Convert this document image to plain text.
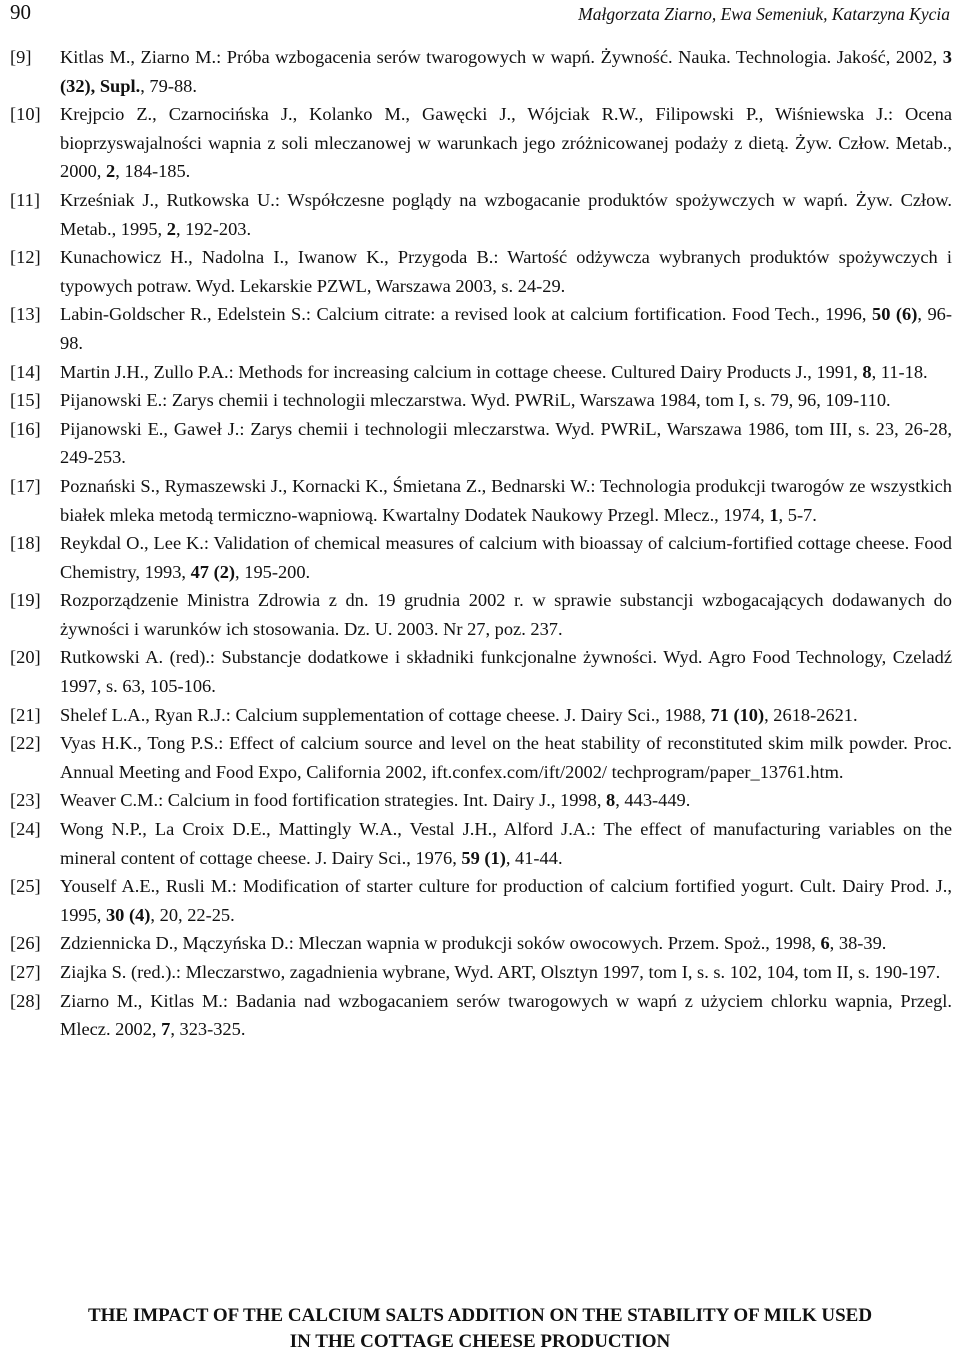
90	Małgorzata Ziarno, Ewa Semeniuk, Katarzyna Kycia
[9]	Kitlas M., Ziarno M.: Próba wzbogacenia serów twarogowych w wapń. Żywność. Nauka. Technologia. Jakość, 2002, 3 (32), Supl., 79-88.
[10]	Krejpcio Z., Czarnocińska J., Kolanko M., Gawęcki J., Wójciak R.W., Filipowski P., Wiśniewska J.: Ocena bioprzyswajalności wapnia z soli mleczanowej w warunkach jego zróżnicowanej podaży z dietą. Żyw. Człow. Metab., 2000, 2, 184-185.
[11]	Krześniak J., Rutkowska U.: Współczesne poglądy na wzbogacanie produktów spożywczych w wapń. Żyw. Człow. Metab., 1995, 2, 192-203.
[12]	Kunachowicz H., Nadolna I., Iwanow K., Przygoda B.: Wartość odżywcza wybranych produktów spożywczych i typowych potraw. Wyd. Lekarskie PZWL, Warszawa 2003, s. 24-29.
[13]	Labin-Goldscher R., Edelstein S.: Calcium citrate: a revised look at calcium fortification. Food Tech., 1996, 50 (6), 96-98.
[14]	Martin J.H., Zullo P.A.: Methods for increasing calcium in cottage cheese. Cultured Dairy Products J., 1991, 8, 11-18.
[15]	Pijanowski E.: Zarys chemii i technologii mleczarstwa. Wyd. PWRiL, Warszawa 1984, tom I, s. 79, 96, 109-110.
[16]	Pijanowski E., Gaweł J.: Zarys chemii i technologii mleczarstwa. Wyd. PWRiL, Warszawa 1986, tom III, s. 23, 26-28, 249-253.
[17]	Poznański S., Rymaszewski J., Kornacki K., Śmietana Z., Bednarski W.: Technologia produkcji twarogów ze wszystkich białek mleka metodą termiczno-wapniową. Kwartalny Dodatek Naukowy Przegl. Mlecz., 1974, 1, 5-7.
[18]	Reykdal O., Lee K.: Validation of chemical measures of calcium with bioassay of calcium-fortified cottage cheese. Food Chemistry, 1993, 47 (2), 195-200.
[19]	Rozporządzenie Ministra Zdrowia z dn. 19 grudnia 2002 r. w sprawie substancji wzbogacających dodawanych do żywności i warunków ich stosowania. Dz. U. 2003. Nr 27, poz. 237.
[20]	Rutkowski A. (red).: Substancje dodatkowe i składniki funkcjonalne żywności. Wyd. Agro Food Technology, Czeladź 1997, s. 63, 105-106.
[21]	Shelef L.A., Ryan R.J.: Calcium supplementation of cottage cheese. J. Dairy Sci., 1988, 71 (10), 2618-2621.
[22]	Vyas H.K., Tong P.S.: Effect of calcium source and level on the heat stability of reconstituted skim milk powder. Proc. Annual Meeting and Food Expo, California 2002, ift.confex.com/ift/2002/ techprogram/paper_13761.htm.
[23]	Weaver C.M.: Calcium in food fortification strategies. Int. Dairy J., 1998, 8, 443-449.
[24]	Wong N.P., La Croix D.E., Mattingly W.A., Vestal J.H., Alford J.A.: The effect of manufacturing variables on the mineral content of cottage cheese. J. Dairy Sci., 1976, 59 (1), 41-44.
[25]	Youself A.E., Rusli M.: Modification of starter culture for production of calcium fortified yogurt. Cult. Dairy Prod. J., 1995, 30 (4), 20, 22-25.
[26]	Zdziennicka D., Mączyńska D.: Mleczan wapnia w produkcji soków owocowych. Przem. Spoż., 1998, 6, 38-39.
[27]	Ziajka S. (red.).: Mleczarstwo, zagadnienia wybrane, Wyd. ART, Olsztyn 1997, tom I, s. s. 102, 104, tom II, s. 190-197.
[28]	Ziarno M., Kitlas M.: Badania nad wzbogacaniem serów twarogowych w wapń z użyciem chlorku wapnia, Przegl. Mlecz. 2002, 7, 323-325.
THE IMPACT OF THE CALCIUM SALTS ADDITION ON THE STABILITY OF MILK USED
IN THE COTTAGE CHEESE PRODUCTION
